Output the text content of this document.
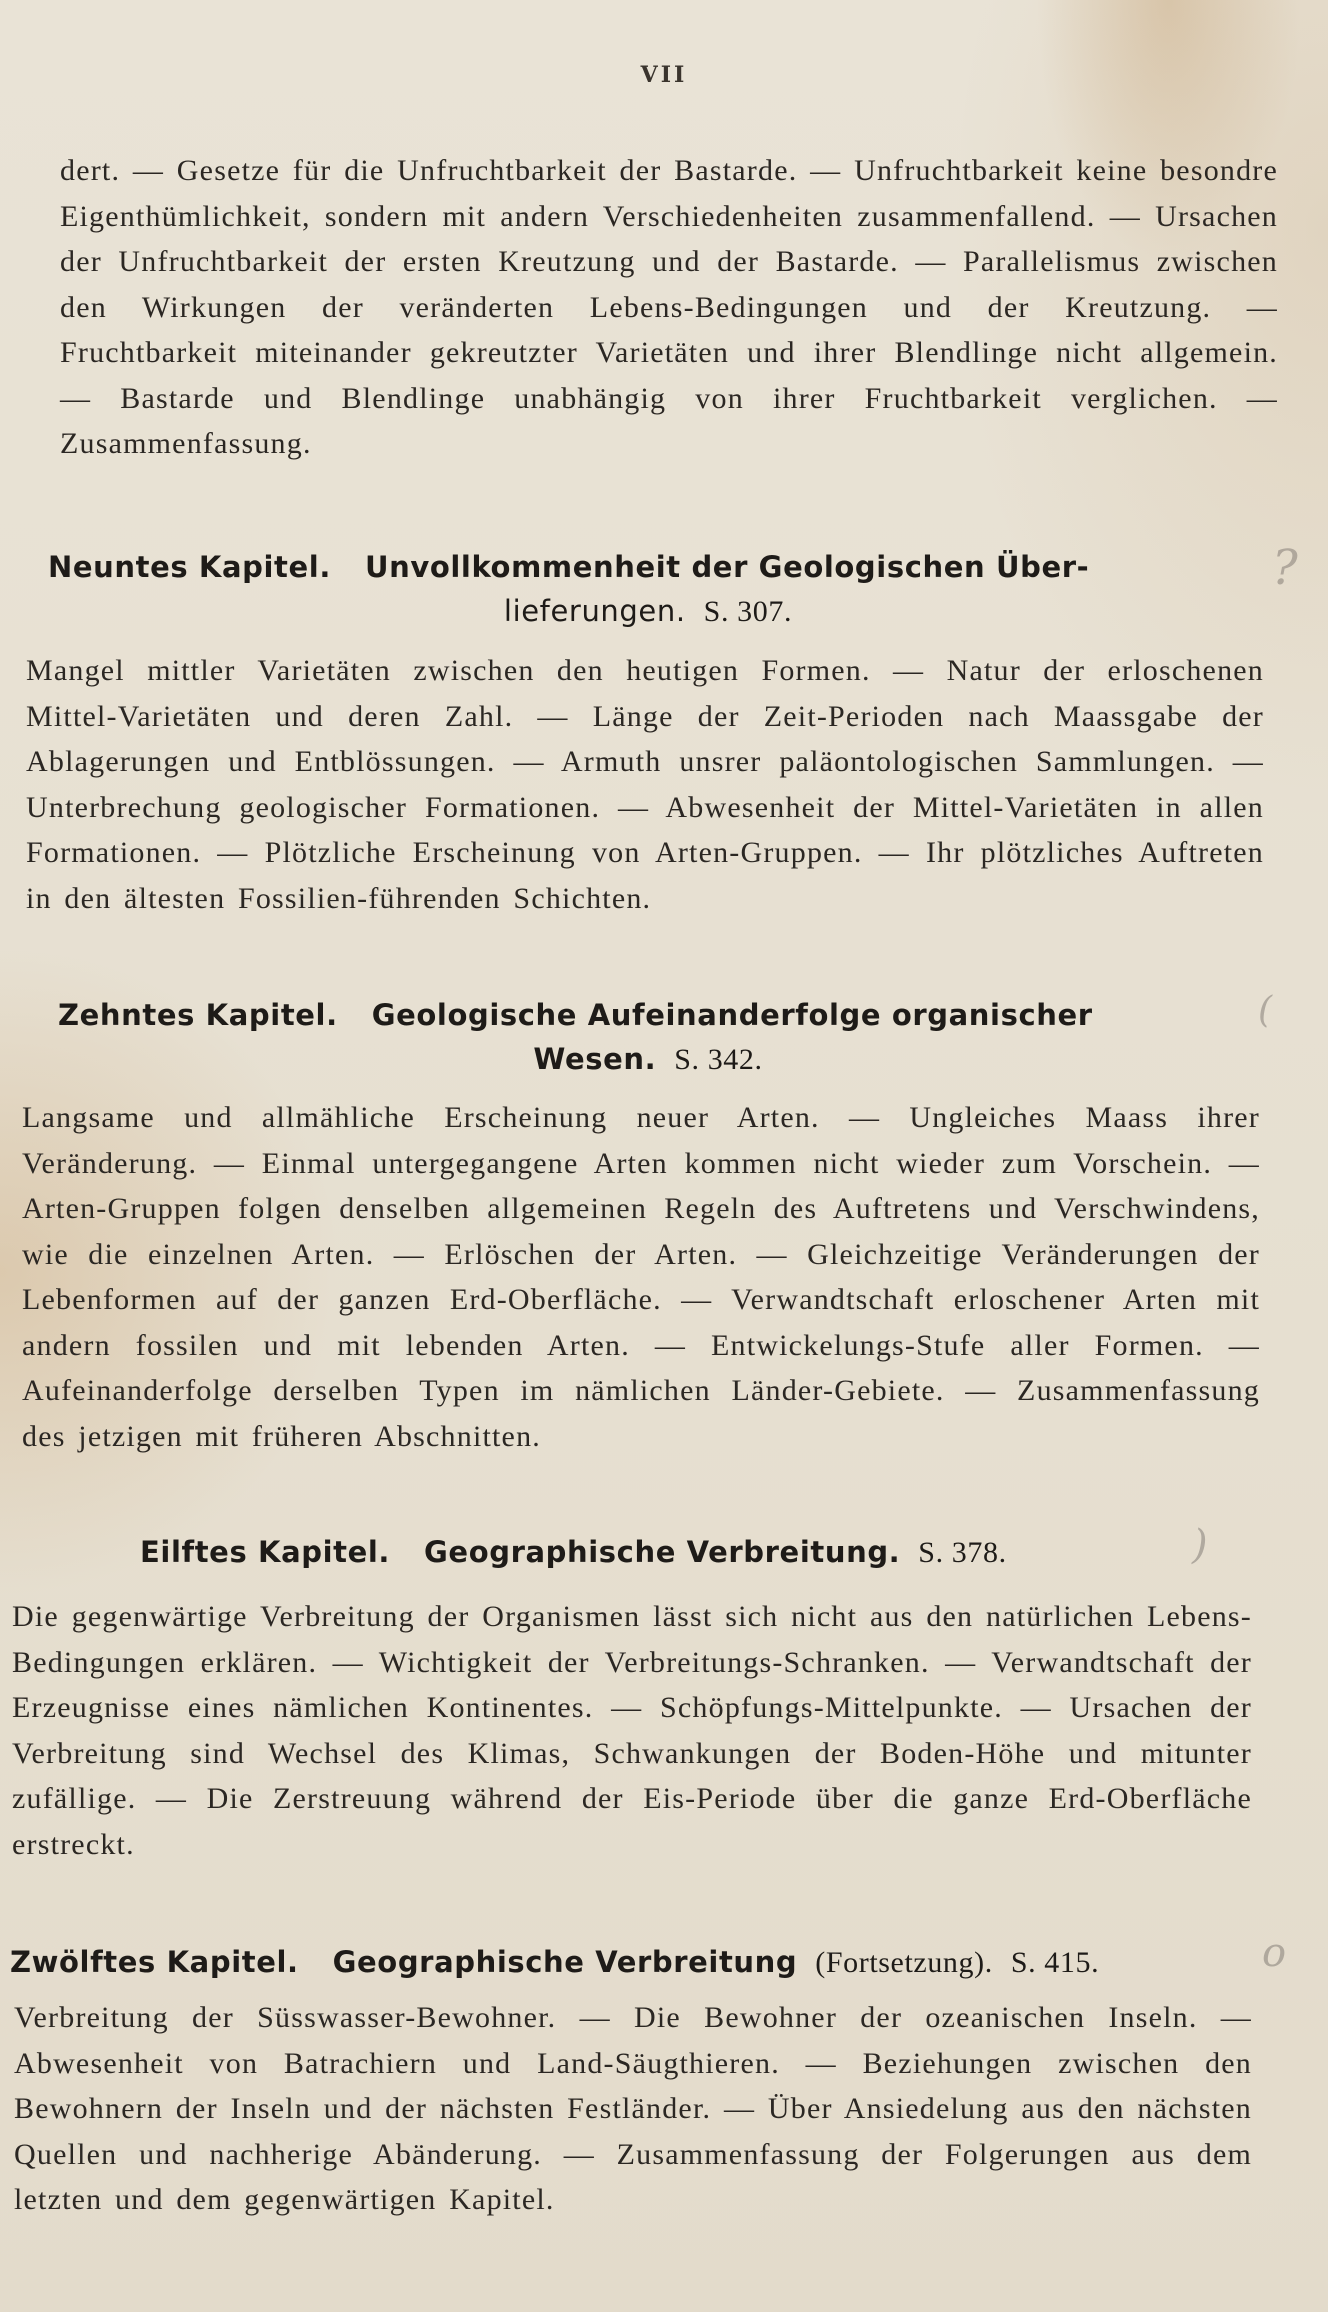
VII
dert. — Gesetze für die Unfruchtbarkeit der Bastarde. — Unfruchtbarkeit keine besondre Eigenthümlichkeit, sondern mit andern Verschiedenheiten zusammenfallend. — Ursachen der Unfruchtbarkeit der ersten Kreutzung und der Bastarde. — Parallelismus zwischen den Wirkungen der veränderten Lebens-Bedingungen und der Kreutzung. — Fruchtbarkeit miteinander gekreutzter Varietäten und ihrer Blendlinge nicht allgemein. — Bastarde und Blendlinge unabhängig von ihrer Fruchtbarkeit verglichen. — Zusammenfassung.
Neuntes Kapitel. Unvollkommenheit der Geologischen Über-
lieferungen. S. 307.
Mangel mittler Varietäten zwischen den heutigen Formen. — Natur der erloschenen Mittel-Varietäten und deren Zahl. — Länge der Zeit-Perioden nach Maassgabe der Ablagerungen und Entblössungen. — Armuth unsrer paläontologischen Sammlungen. — Unterbrechung geologischer Formationen. — Abwesenheit der Mittel-Varietäten in allen Formationen. — Plötzliche Erscheinung von Arten-Gruppen. — Ihr plötzliches Auftreten in den ältesten Fossilien-führenden Schichten.
Zehntes Kapitel. Geologische Aufeinanderfolge organischer
Wesen. S. 342.
Langsame und allmähliche Erscheinung neuer Arten. — Ungleiches Maass ihrer Veränderung. — Einmal untergegangene Arten kommen nicht wieder zum Vorschein. — Arten-Gruppen folgen denselben allgemeinen Regeln des Auftretens und Verschwindens, wie die einzelnen Arten. — Erlöschen der Arten. — Gleichzeitige Veränderungen der Lebenformen auf der ganzen Erd-Oberfläche. — Verwandtschaft erloschener Arten mit andern fossilen und mit lebenden Arten. — Entwickelungs-Stufe aller Formen. — Aufeinanderfolge derselben Typen im nämlichen Länder-Gebiete. — Zusammenfassung des jetzigen mit früheren Abschnitten.
Eilftes Kapitel. Geographische Verbreitung. S. 378.
Die gegenwärtige Verbreitung der Organismen lässt sich nicht aus den natürlichen Lebens-Bedingungen erklären. — Wichtigkeit der Verbreitungs-Schranken. — Verwandtschaft der Erzeugnisse eines nämlichen Kontinentes. — Schöpfungs-Mittelpunkte. — Ursachen der Verbreitung sind Wechsel des Klimas, Schwankungen der Boden-Höhe und mitunter zufällige. — Die Zerstreuung während der Eis-Periode über die ganze Erd-Oberfläche erstreckt.
Zwölftes Kapitel. Geographische Verbreitung (Fortsetzung). S. 415.
Verbreitung der Süsswasser-Bewohner. — Die Bewohner der ozeanischen Inseln. — Abwesenheit von Batrachiern und Land-Säugthieren. — Beziehungen zwischen den Bewohnern der Inseln und der nächsten Festländer. — Über Ansiedelung aus den nächsten Quellen und nachherige Abänderung. — Zusammenfassung der Folgerungen aus dem letzten und dem gegenwärtigen Kapitel.
?
(
)
o
